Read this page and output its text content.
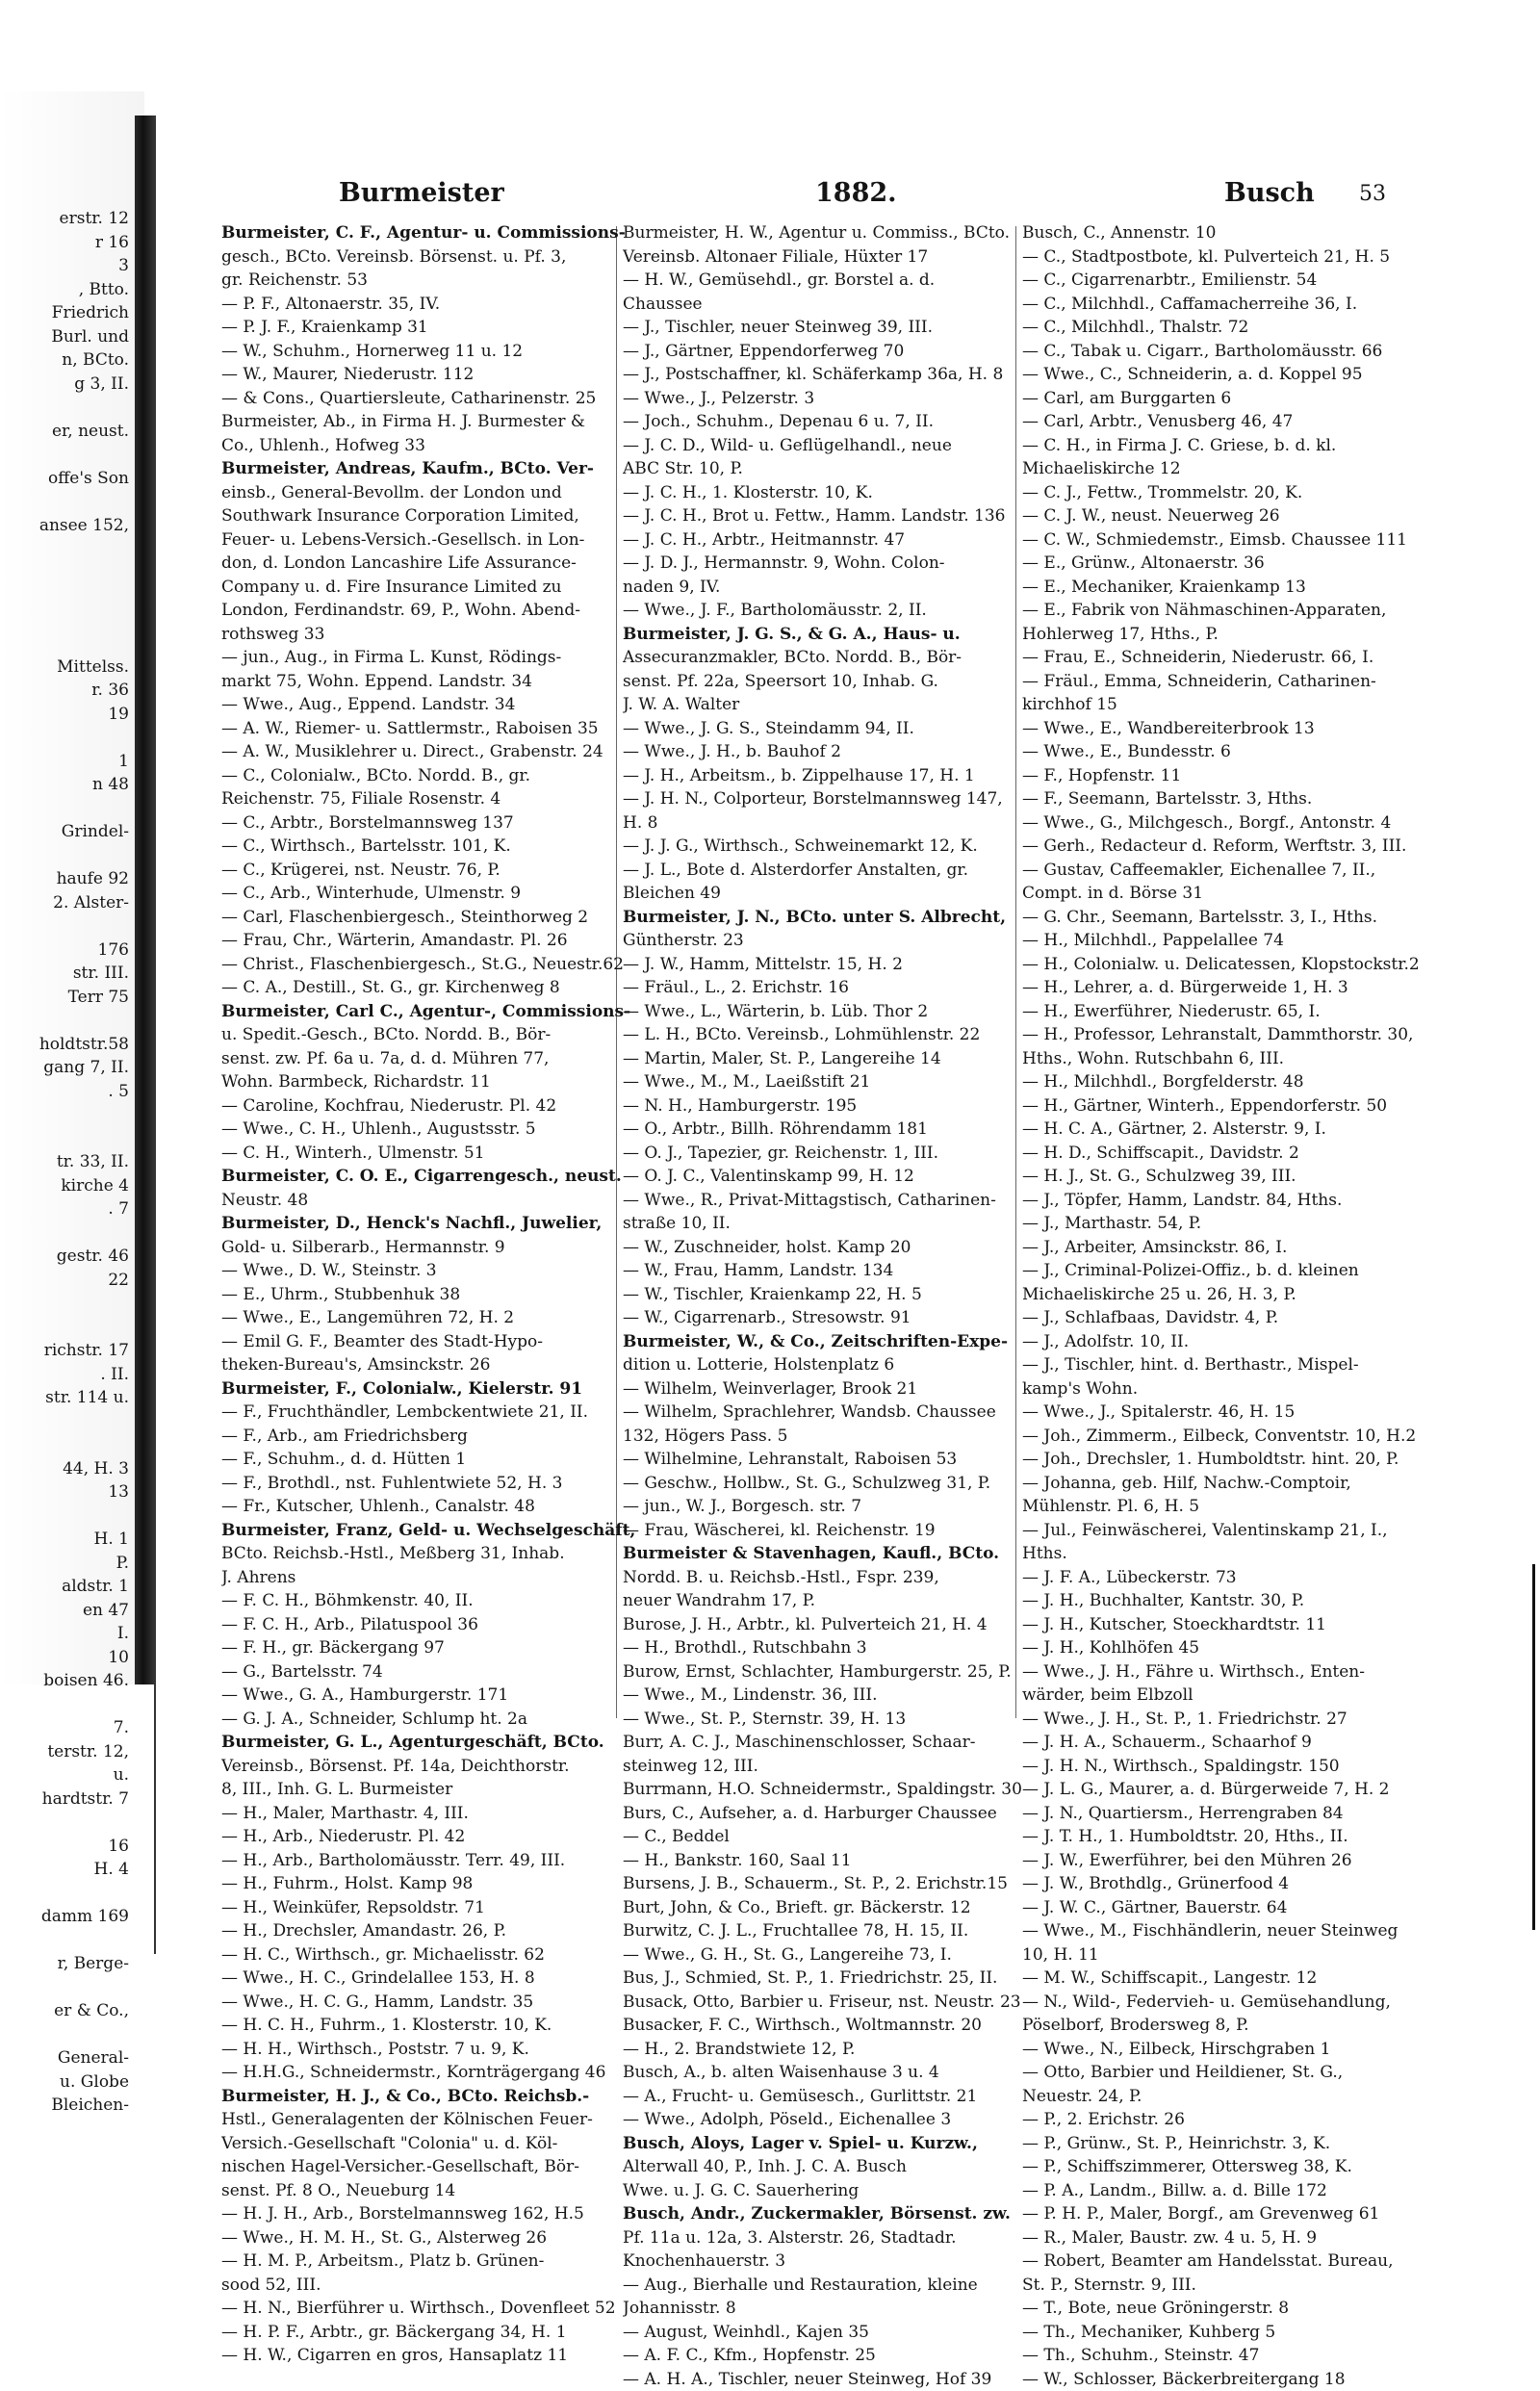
erstr. 12
r 16
3
, Btto.
Friedrich
Burl. und
n, BCto.
g 3, II.

er, neust.

offe's Son

ansee 152,

Mittelss.
r. 36
19

1
n 48

Grindel-

haufe 92
2. Alster-

176
str. III.
Terr 75

holdtstr.58
gang 7, II.
. 5

tr. 33, II.
kirche 4
. 7

gestr. 46
22

richstr. 17
. II.
str. 114 u.

44, H. 3
13

H. 1
P.
aldstr. 1
en 47
I.
10
boisen 46.

7.
terstr. 12,
u.
hardtstr. 7

16
H. 4

damm 169

r, Berge-

er & Co.,

General-
u. Globe
Bleichen-
Burmeister	1882.	Busch 53
Burmeister, C. F., Agentur- u. Commissions-
gesch., BCto. Vereinsb. Börsenst. u. Pf. 3,
gr. Reichenstr. 53
— P. F., Altonaerstr. 35, IV.
— P. J. F., Kraienkamp 31
— W., Schuhm., Hornerweg 11 u. 12
— W., Maurer, Niederustr. 112
— & Cons., Quartiersleute, Catharinenstr. 25
Burmeister, Ab., in Firma H. J. Burmester &
Co., Uhlenh., Hofweg 33
Burmeister, Andreas, Kaufm., BCto. Ver-
einsb., General-Bevollm. der London und
Southwark Insurance Corporation Limited,
Feuer- u. Lebens-Versich.-Gesellsch. in Lon-
don, d. London Lancashire Life Assurance-
Company u. d. Fire Insurance Limited zu
London, Ferdinandstr. 69, P., Wohn. Abend-
rothsweg 33
— jun., Aug., in Firma L. Kunst, Rödings-
markt 75, Wohn. Eppend. Landstr. 34
— Wwe., Aug., Eppend. Landstr. 34
— A. W., Riemer- u. Sattlermstr., Raboisen 35
— A. W., Musiklehrer u. Direct., Grabenstr. 24
— C., Colonialw., BCto. Nordd. B., gr.
Reichenstr. 75, Filiale Rosenstr. 4
— C., Arbtr., Borstelmannsweg 137
— C., Wirthsch., Bartelsstr. 101, K.
— C., Krügerei, nst. Neustr. 76, P.
— C., Arb., Winterhude, Ulmenstr. 9
— Carl, Flaschenbiergesch., Steinthorweg 2
— Frau, Chr., Wärterin, Amandastr. Pl. 26
— Christ., Flaschenbiergesch., St.G., Neuestr.62
— C. A., Destill., St. G., gr. Kirchenweg 8
Burmeister, Carl C., Agentur-, Commissions-
u. Spedit.-Gesch., BCto. Nordd. B., Bör-
senst. zw. Pf. 6a u. 7a, d. d. Mühren 77,
Wohn. Barmbeck, Richardstr. 11
— Caroline, Kochfrau, Niederustr. Pl. 42
— Wwe., C. H., Uhlenh., Augustsstr. 5
— C. H., Winterh., Ulmenstr. 51
Burmeister, C. O. E., Cigarrengesch., neust.
Neustr. 48
Burmeister, D., Henck's Nachfl., Juwelier,
Gold- u. Silberarb., Hermannstr. 9
— Wwe., D. W., Steinstr. 3
— E., Uhrm., Stubbenhuk 38
— Wwe., E., Langemühren 72, H. 2
— Emil G. F., Beamter des Stadt-Hypo-
theken-Bureau's, Amsinckstr. 26
Burmeister, F., Colonialw., Kielerstr. 91
— F., Fruchthändler, Lembckentwiete 21, II.
— F., Arb., am Friedrichsberg
— F., Schuhm., d. d. Hütten 1
— F., Brothdl., nst. Fuhlentwiete 52, H. 3
— Fr., Kutscher, Uhlenh., Canalstr. 48
Burmeister, Franz, Geld- u. Wechselgeschäft,
BCto. Reichsb.-Hstl., Meßberg 31, Inhab.
J. Ahrens
— F. C. H., Böhmkenstr. 40, II.
— F. C. H., Arb., Pilatuspool 36
— F. H., gr. Bäckergang 97
— G., Bartelsstr. 74
— Wwe., G. A., Hamburgerstr. 171
— G. J. A., Schneider, Schlump ht. 2a
Burmeister, G. L., Agenturgeschäft, BCto.
Vereinsb., Börsenst. Pf. 14a, Deichthorstr.
8, III., Inh. G. L. Burmeister
— H., Maler, Marthastr. 4, III.
— H., Arb., Niederustr. Pl. 42
— H., Arb., Bartholomäusstr. Terr. 49, III.
— H., Fuhrm., Holst. Kamp 98
— H., Weinküfer, Repsoldstr. 71
— H., Drechsler, Amandastr. 26, P.
— H. C., Wirthsch., gr. Michaelisstr. 62
— Wwe., H. C., Grindelallee 153, H. 8
— Wwe., H. C. G., Hamm, Landstr. 35
— H. C. H., Fuhrm., 1. Klosterstr. 10, K.
— H. H., Wirthsch., Poststr. 7 u. 9, K.
— H.H.G., Schneidermstr., Kornträgergang 46
Burmeister, H. J., & Co., BCto. Reichsb.-
Hstl., Generalagenten der Kölnischen Feuer-
Versich.-Gesellschaft "Colonia" u. d. Köl-
nischen Hagel-Versicher.-Gesellschaft, Bör-
senst. Pf. 8 O., Neueburg 14
— H. J. H., Arb., Borstelmannsweg 162, H.5
— Wwe., H. M. H., St. G., Alsterweg 26
— H. M. P., Arbeitsm., Platz b. Grünen-
sood 52, III.
— H. N., Bierführer u. Wirthsch., Dovenfleet 52
— H. P. F., Arbtr., gr. Bäckergang 34, H. 1
— H. W., Cigarren en gros, Hansaplatz 11
Burmeister, H. W., Agentur u. Commiss., BCto.
Vereinsb. Altonaer Filiale, Hüxter 17
— H. W., Gemüsehdl., gr. Borstel a. d.
Chaussee
— J., Tischler, neuer Steinweg 39, III.
— J., Gärtner, Eppendorferweg 70
— J., Postschaffner, kl. Schäferkamp 36a, H. 8
— Wwe., J., Pelzerstr. 3
— Joch., Schuhm., Depenau 6 u. 7, II.
— J. C. D., Wild- u. Geflügelhandl., neue
ABC Str. 10, P.
— J. C. H., 1. Klosterstr. 10, K.
— J. C. H., Brot u. Fettw., Hamm. Landstr. 136
— J. C. H., Arbtr., Heitmannstr. 47
— J. D. J., Hermannstr. 9, Wohn. Colon-
naden 9, IV.
— Wwe., J. F., Bartholomäusstr. 2, II.
Burmeister, J. G. S., & G. A., Haus- u.
Assecuranzmakler, BCto. Nordd. B., Bör-
senst. Pf. 22a, Speersort 10, Inhab. G.
J. W. A. Walter
— Wwe., J. G. S., Steindamm 94, II.
— Wwe., J. H., b. Bauhof 2
— J. H., Arbeitsm., b. Zippelhause 17, H. 1
— J. H. N., Colporteur, Borstelmannsweg 147,
H. 8
— J. J. G., Wirthsch., Schweinemarkt 12, K.
— J. L., Bote d. Alsterdorfer Anstalten, gr.
Bleichen 49
Burmeister, J. N., BCto. unter S. Albrecht,
Güntherstr. 23
— J. W., Hamm, Mittelstr. 15, H. 2
— Fräul., L., 2. Erichstr. 16
— Wwe., L., Wärterin, b. Lüb. Thor 2
— L. H., BCto. Vereinsb., Lohmühlenstr. 22
— Martin, Maler, St. P., Langereihe 14
— Wwe., M., M., Laeißstift 21
— N. H., Hamburgerstr. 195
— O., Arbtr., Billh. Röhrendamm 181
— O. J., Tapezier, gr. Reichenstr. 1, III.
— O. J. C., Valentinskamp 99, H. 12
— Wwe., R., Privat-Mittagstisch, Catharinen-
straße 10, II.
— W., Zuschneider, holst. Kamp 20
— W., Frau, Hamm, Landstr. 134
— W., Tischler, Kraienkamp 22, H. 5
— W., Cigarrenarb., Stresowstr. 91
Burmeister, W., & Co., Zeitschriften-Expe-
dition u. Lotterie, Holstenplatz 6
— Wilhelm, Weinverlager, Brook 21
— Wilhelm, Sprachlehrer, Wandsb. Chaussee
132, Högers Pass. 5
— Wilhelmine, Lehranstalt, Raboisen 53
— Geschw., Hollbw., St. G., Schulzweg 31, P.
— jun., W. J., Borgesch. str. 7
— Frau, Wäscherei, kl. Reichenstr. 19
Burmeister & Stavenhagen, Kaufl., BCto.
Nordd. B. u. Reichsb.-Hstl., Fspr. 239,
neuer Wandrahm 17, P.
Burose, J. H., Arbtr., kl. Pulverteich 21, H. 4
— H., Brothdl., Rutschbahn 3
Burow, Ernst, Schlachter, Hamburgerstr. 25, P.
— Wwe., M., Lindenstr. 36, III.
— Wwe., St. P., Sternstr. 39, H. 13
Burr, A. C. J., Maschinenschlosser, Schaar-
steinweg 12, III.
Burrmann, H.O. Schneidermstr., Spaldingstr. 30
Burs, C., Aufseher, a. d. Harburger Chaussee
— C., Beddel
— H., Bankstr. 160, Saal 11
Bursens, J. B., Schauerm., St. P., 2. Erichstr.15
Burt, John, & Co., Brieft. gr. Bäckerstr. 12
Burwitz, C. J. L., Fruchtallee 78, H. 15, II.
— Wwe., G. H., St. G., Langereihe 73, I.
Bus, J., Schmied, St. P., 1. Friedrichstr. 25, II.
Busack, Otto, Barbier u. Friseur, nst. Neustr. 23
Busacker, F. C., Wirthsch., Woltmannstr. 20
— H., 2. Brandstwiete 12, P.
Busch, A., b. alten Waisenhause 3 u. 4
— A., Frucht- u. Gemüsesch., Gurlittstr. 21
— Wwe., Adolph, Pöseld., Eichenallee 3
Busch, Aloys, Lager v. Spiel- u. Kurzw.,
Alterwall 40, P., Inh. J. C. A. Busch
Wwe. u. J. G. C. Sauerhering
Busch, Andr., Zuckermakler, Börsenst. zw.
Pf. 11a u. 12a, 3. Alsterstr. 26, Stadtadr.
Knochenhauerstr. 3
— Aug., Bierhalle und Restauration, kleine
Johannisstr. 8
— August, Weinhdl., Kajen 35
— A. F. C., Kfm., Hopfenstr. 25
— A. H. A., Tischler, neuer Steinweg, Hof 39
Busch, C., Annenstr. 10
— C., Stadtpostbote, kl. Pulverteich 21, H. 5
— C., Cigarrenarbtr., Emilienstr. 54
— C., Milchhdl., Caffamacherreihe 36, I.
— C., Milchhdl., Thalstr. 72
— C., Tabak u. Cigarr., Bartholomäusstr. 66
— Wwe., C., Schneiderin, a. d. Koppel 95
— Carl, am Burggarten 6
— Carl, Arbtr., Venusberg 46, 47
— C. H., in Firma J. C. Griese, b. d. kl.
Michaeliskirche 12
— C. J., Fettw., Trommelstr. 20, K.
— C. J. W., neust. Neuerweg 26
— C. W., Schmiedemstr., Eimsb. Chaussee 111
— E., Grünw., Altonaerstr. 36
— E., Mechaniker, Kraienkamp 13
— E., Fabrik von Nähmaschinen-Apparaten,
Hohlerweg 17, Hths., P.
— Frau, E., Schneiderin, Niederustr. 66, I.
— Fräul., Emma, Schneiderin, Catharinen-
kirchhof 15
— Wwe., E., Wandbereiterbrook 13
— Wwe., E., Bundesstr. 6
— F., Hopfenstr. 11
— F., Seemann, Bartelsstr. 3, Hths.
— Wwe., G., Milchgesch., Borgf., Antonstr. 4
— Gerh., Redacteur d. Reform, Werftstr. 3, III.
— Gustav, Caffeemakler, Eichenallee 7, II.,
Compt. in d. Börse 31
— G. Chr., Seemann, Bartelsstr. 3, I., Hths.
— H., Milchhdl., Pappelallee 74
— H., Colonialw. u. Delicatessen, Klopstockstr.2
— H., Lehrer, a. d. Bürgerweide 1, H. 3
— H., Ewerführer, Niederustr. 65, I.
— H., Professor, Lehranstalt, Dammthorstr. 30,
Hths., Wohn. Rutschbahn 6, III.
— H., Milchhdl., Borgfelderstr. 48
— H., Gärtner, Winterh., Eppendorferstr. 50
— H. C. A., Gärtner, 2. Alsterstr. 9, I.
— H. D., Schiffscapit., Davidstr. 2
— H. J., St. G., Schulzweg 39, III.
— J., Töpfer, Hamm, Landstr. 84, Hths.
— J., Marthastr. 54, P.
— J., Arbeiter, Amsinckstr. 86, I.
— J., Criminal-Polizei-Offiz., b. d. kleinen
Michaeliskirche 25 u. 26, H. 3, P.
— J., Schlafbaas, Davidstr. 4, P.
— J., Adolfstr. 10, II.
— J., Tischler, hint. d. Berthastr., Mispel-
kamp's Wohn.
— Wwe., J., Spitalerstr. 46, H. 15
— Joh., Zimmerm., Eilbeck, Conventstr. 10, H.2
— Joh., Drechsler, 1. Humboldtstr. hint. 20, P.
— Johanna, geb. Hilf, Nachw.-Comptoir,
Mühlenstr. Pl. 6, H. 5
— Jul., Feinwäscherei, Valentinskamp 21, I.,
Hths.
— J. F. A., Lübeckerstr. 73
— J. H., Buchhalter, Kantstr. 30, P.
— J. H., Kutscher, Stoeckhardtstr. 11
— J. H., Kohlhöfen 45
— Wwe., J. H., Fähre u. Wirthsch., Enten-
wärder, beim Elbzoll
— Wwe., J. H., St. P., 1. Friedrichstr. 27
— J. H. A., Schauerm., Schaarhof 9
— J. H. N., Wirthsch., Spaldingstr. 150
— J. L. G., Maurer, a. d. Bürgerweide 7, H. 2
— J. N., Quartiersm., Herrengraben 84
— J. T. H., 1. Humboldtstr. 20, Hths., II.
— J. W., Ewerführer, bei den Mühren 26
— J. W., Brothdlg., Grünerfood 4
— J. W. C., Gärtner, Bauerstr. 64
— Wwe., M., Fischhändlerin, neuer Steinweg
10, H. 11
— M. W., Schiffscapit., Langestr. 12
— N., Wild-, Federvieh- u. Gemüsehandlung,
Pöselborf, Brodersweg 8, P.
— Wwe., N., Eilbeck, Hirschgraben 1
— Otto, Barbier und Heildiener, St. G.,
Neuestr. 24, P.
— P., 2. Erichstr. 26
— P., Grünw., St. P., Heinrichstr. 3, K.
— P., Schiffszimmerer, Ottersweg 38, K.
— P. A., Landm., Billw. a. d. Bille 172
— P. H. P., Maler, Borgf., am Grevenweg 61
— R., Maler, Baustr. zw. 4 u. 5, H. 9
— Robert, Beamter am Handelsstat. Bureau,
St. P., Sternstr. 9, III.
— T., Bote, neue Gröningerstr. 8
— Th., Mechaniker, Kuhberg 5
— Th., Schuhm., Steinstr. 47
— W., Schlosser, Bäckerbreitergang 18
